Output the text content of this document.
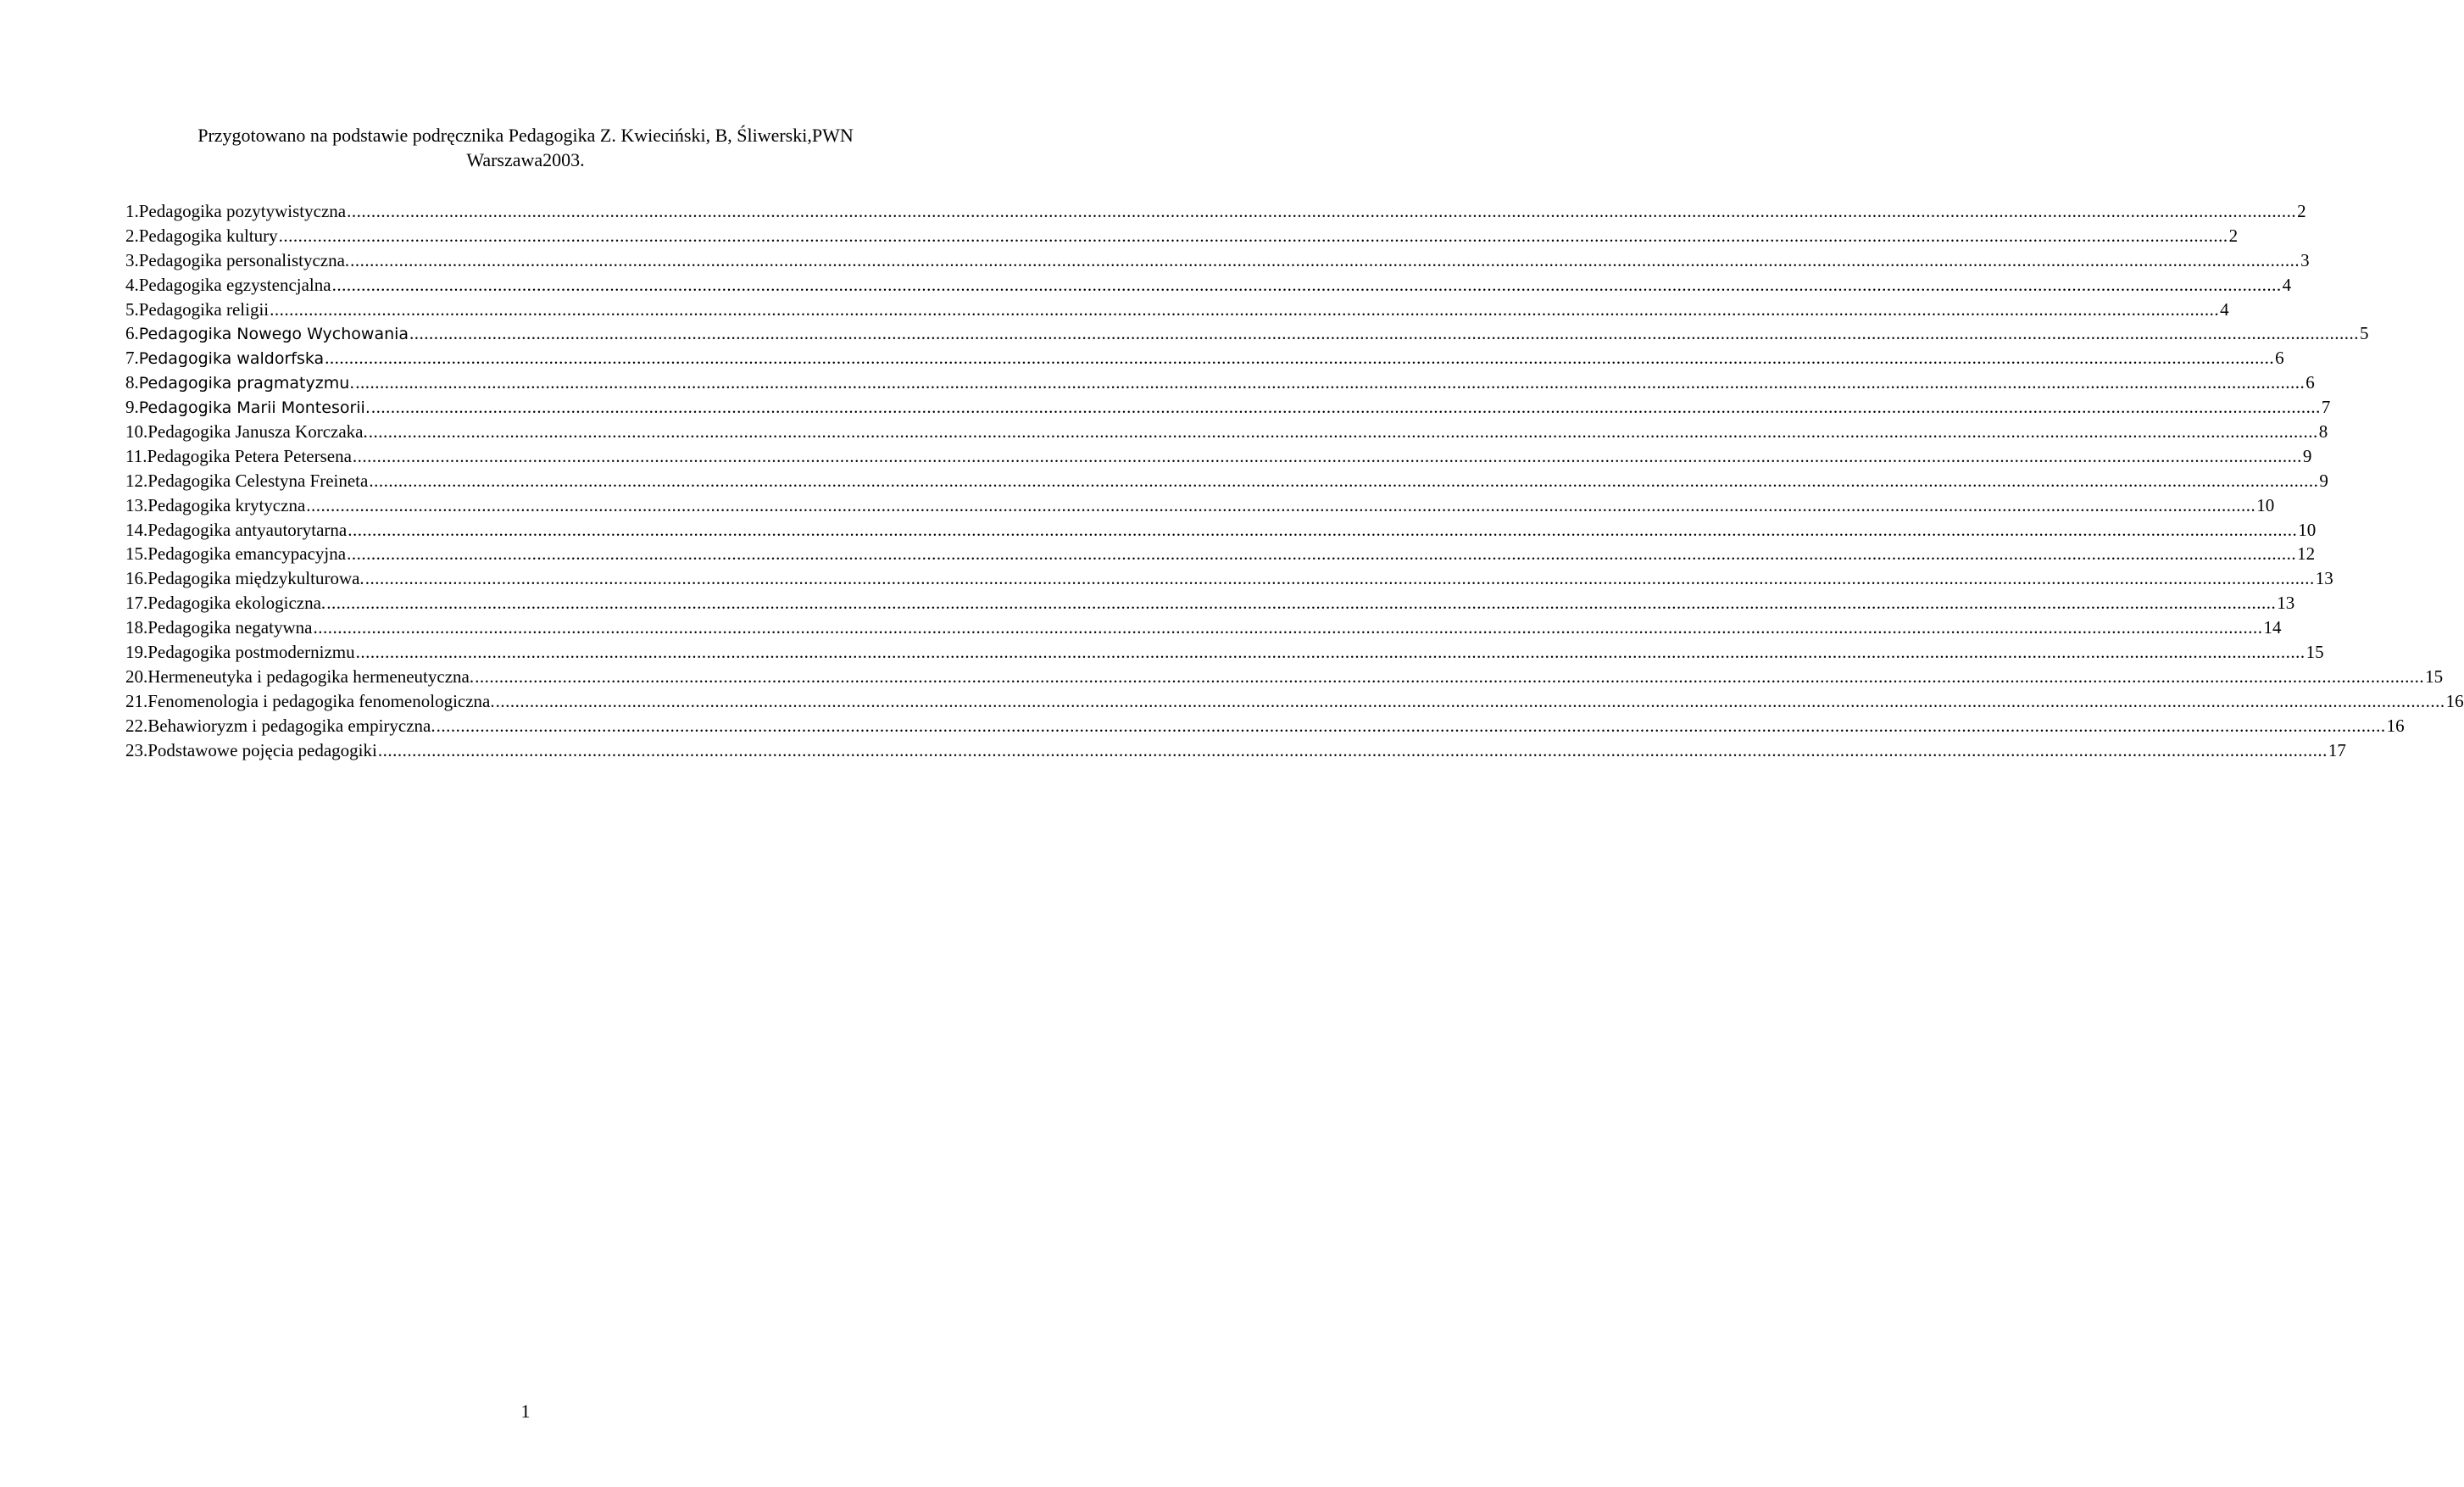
Przygotowano na podstawie podręcznika Pedagogika Z. Kwieciński, B, Śliwerski,PWN
Warszawa2003.
1. Pedagogika pozytywistyczna ................................................................................................................................................................................................................................................................................................................................................................................................................ 2
2. Pedagogika kultury ................................................................................................................................................................................................................................................................................................................................................................................................................ 2
3. Pedagogika personalistyczna. ................................................................................................................................................................................................................................................................................................................................................................................................................ 3
4. Pedagogika egzystencjalna ................................................................................................................................................................................................................................................................................................................................................................................................................ 4
5. Pedagogika religii ................................................................................................................................................................................................................................................................................................................................................................................................................ 4
6. Pedagogika Nowego Wychowania ................................................................................................................................................................................................................................................................................................................................................................................................................ 5
7. Pedagogika waldorfska ................................................................................................................................................................................................................................................................................................................................................................................................................ 6
8. Pedagogika pragmatyzmu. ................................................................................................................................................................................................................................................................................................................................................................................................................ 6
9. Pedagogika Marii Montesorii. ................................................................................................................................................................................................................................................................................................................................................................................................................ 7
10. Pedagogika Janusza Korczaka. ................................................................................................................................................................................................................................................................................................................................................................................................................ 8
11. Pedagogika Petera Petersena ................................................................................................................................................................................................................................................................................................................................................................................................................ 9
12. Pedagogika Celestyna Freineta ................................................................................................................................................................................................................................................................................................................................................................................................................ 9
13. Pedagogika krytyczna ................................................................................................................................................................................................................................................................................................................................................................................................................ 10
14. Pedagogika antyautorytarna ................................................................................................................................................................................................................................................................................................................................................................................................................ 10
15. Pedagogika emancypacyjna ................................................................................................................................................................................................................................................................................................................................................................................................................ 12
16. Pedagogika międzykulturowa. ................................................................................................................................................................................................................................................................................................................................................................................................................ 13
17. Pedagogika ekologiczna. ................................................................................................................................................................................................................................................................................................................................................................................................................ 13
18. Pedagogika negatywna ................................................................................................................................................................................................................................................................................................................................................................................................................ 14
19. Pedagogika postmodernizmu ................................................................................................................................................................................................................................................................................................................................................................................................................ 15
20. Hermeneutyka i pedagogika hermeneutyczna. ................................................................................................................................................................................................................................................................................................................................................................................................................ 15
21. Fenomenologia i pedagogika fenomenologiczna. ................................................................................................................................................................................................................................................................................................................................................................................................................ 16
22. Behawioryzm i pedagogika empiryczna. ................................................................................................................................................................................................................................................................................................................................................................................................................ 16
23. Podstawowe pojęcia pedagogiki ................................................................................................................................................................................................................................................................................................................................................................................................................ 17
1
